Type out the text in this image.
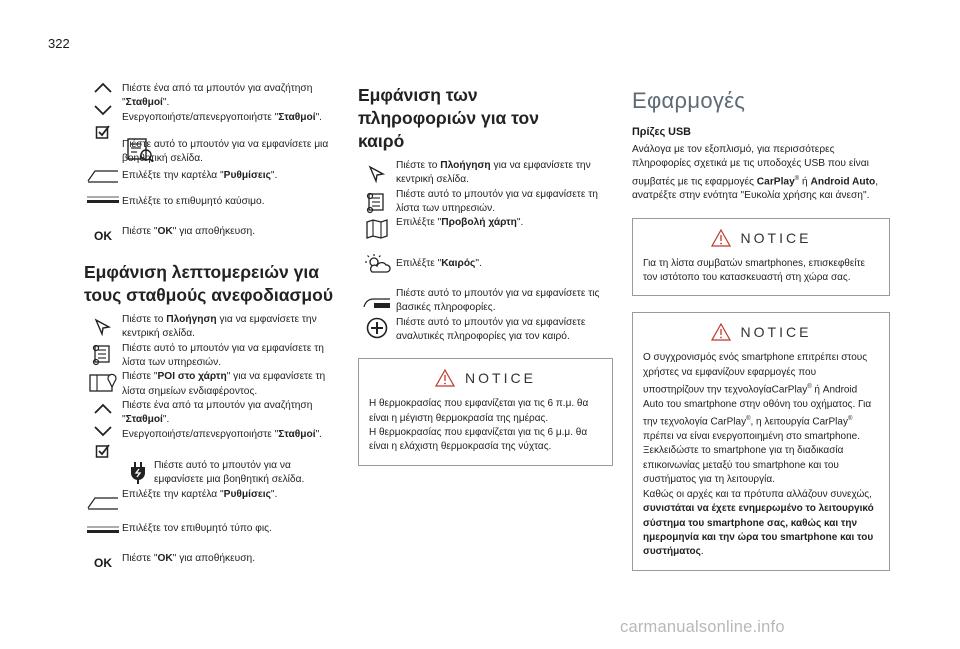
322
Πιέστε ένα από τα μπουτόν για αναζήτηση "Σταθμοί".
Ενεργοποιήστε/απενεργοποιήστε "Σταθμοί".
Πιέστε αυτό το μπουτόν για να εμφανίσετε μια βοηθητική σελίδα.
Επιλέξτε την καρτέλα "Ρυθμίσεις".
Επιλέξτε το επιθυμητό καύσιμο.
OK Πιέστε "OK" για αποθήκευση.
Εμφάνιση λεπτομερειών για τους σταθμούς ανεφοδιασμού
Πιέστε το Πλοήγηση για να εμφανίσετε την κεντρική σελίδα.
Πιέστε αυτό το μπουτόν για να εμφανίσετε τη λίστα των υπηρεσιών.
Πιέστε "POI στο χάρτη" για να εμφανίσετε τη λίστα σημείων ενδιαφέροντος.
Πιέστε ένα από τα μπουτόν για αναζήτηση "Σταθμοί".
Ενεργοποιήστε/απενεργοποιήστε "Σταθμοί".
Πιέστε αυτό το μπουτόν για να εμφανίσετε μια βοηθητική σελίδα.
Επιλέξτε την καρτέλα "Ρυθμίσεις".
Επιλέξτε τον επιθυμητό τύπο φις.
OK Πιέστε "OK" για αποθήκευση.
Εμφάνιση των πληροφοριών για τον καιρό
Πιέστε το Πλοήγηση για να εμφανίσετε την κεντρική σελίδα.
Πιέστε αυτό το μπουτόν για να εμφανίσετε τη λίστα των υπηρεσιών.
Επιλέξτε "Προβολή χάρτη".
Επιλέξτε "Καιρός".
Πιέστε αυτό το μπουτόν για να εμφανίσετε τις βασικές πληροφορίες.
Πιέστε αυτό το μπουτόν για να εμφανίσετε αναλυτικές πληροφορίες για τον καιρό.
NOTICE
Η θερμοκρασίας που εμφανίζεται για τις 6 π.μ. θα είναι η μέγιστη θερμοκρασία της ημέρας.
Η θερμοκρασίας που εμφανίζεται για τις 6 μ.μ. θα είναι η ελάχιστη θερμοκρασία της νύχτας.
Εφαρμογές
Πρίζες USB
Ανάλογα με τον εξοπλισμό, για περισσότερες πληροφορίες σχετικά με τις υποδοχές USB που είναι συμβατές με τις εφαρμογές CarPlay® ή Android Auto, ανατρέξτε στην ενότητα "Ευκολία χρήσης και άνεση".
NOTICE
Για τη λίστα συμβατών smartphones, επισκεφθείτε τον ιστότοπο του κατασκευαστή στη χώρα σας.
NOTICE
Ο συγχρονισμός ενός smartphone επιτρέπει στους χρήστες να εμφανίζουν εφαρμογές που υποστηρίζουν την τεχνολογίαCarPlay® ή Android Auto του smartphone στην οθόνη του οχήματος. Για την τεχνολογία CarPlay®, η λειτουργία CarPlay® πρέπει να είναι ενεργοποιημένη στο smartphone.
Ξεκλειδώστε το smartphone για τη διαδικασία επικοινωνίας μεταξύ του smartphone και του συστήματος για τη λειτουργία.
Καθώς οι αρχές και τα πρότυπα αλλάζουν συνεχώς, συνιστάται να έχετε ενημερωμένο το λειτουργικό σύστημα του smartphone σας, καθώς και την ημερομηνία και την ώρα του smartphone και του συστήματος.
carmanualsonline.info
